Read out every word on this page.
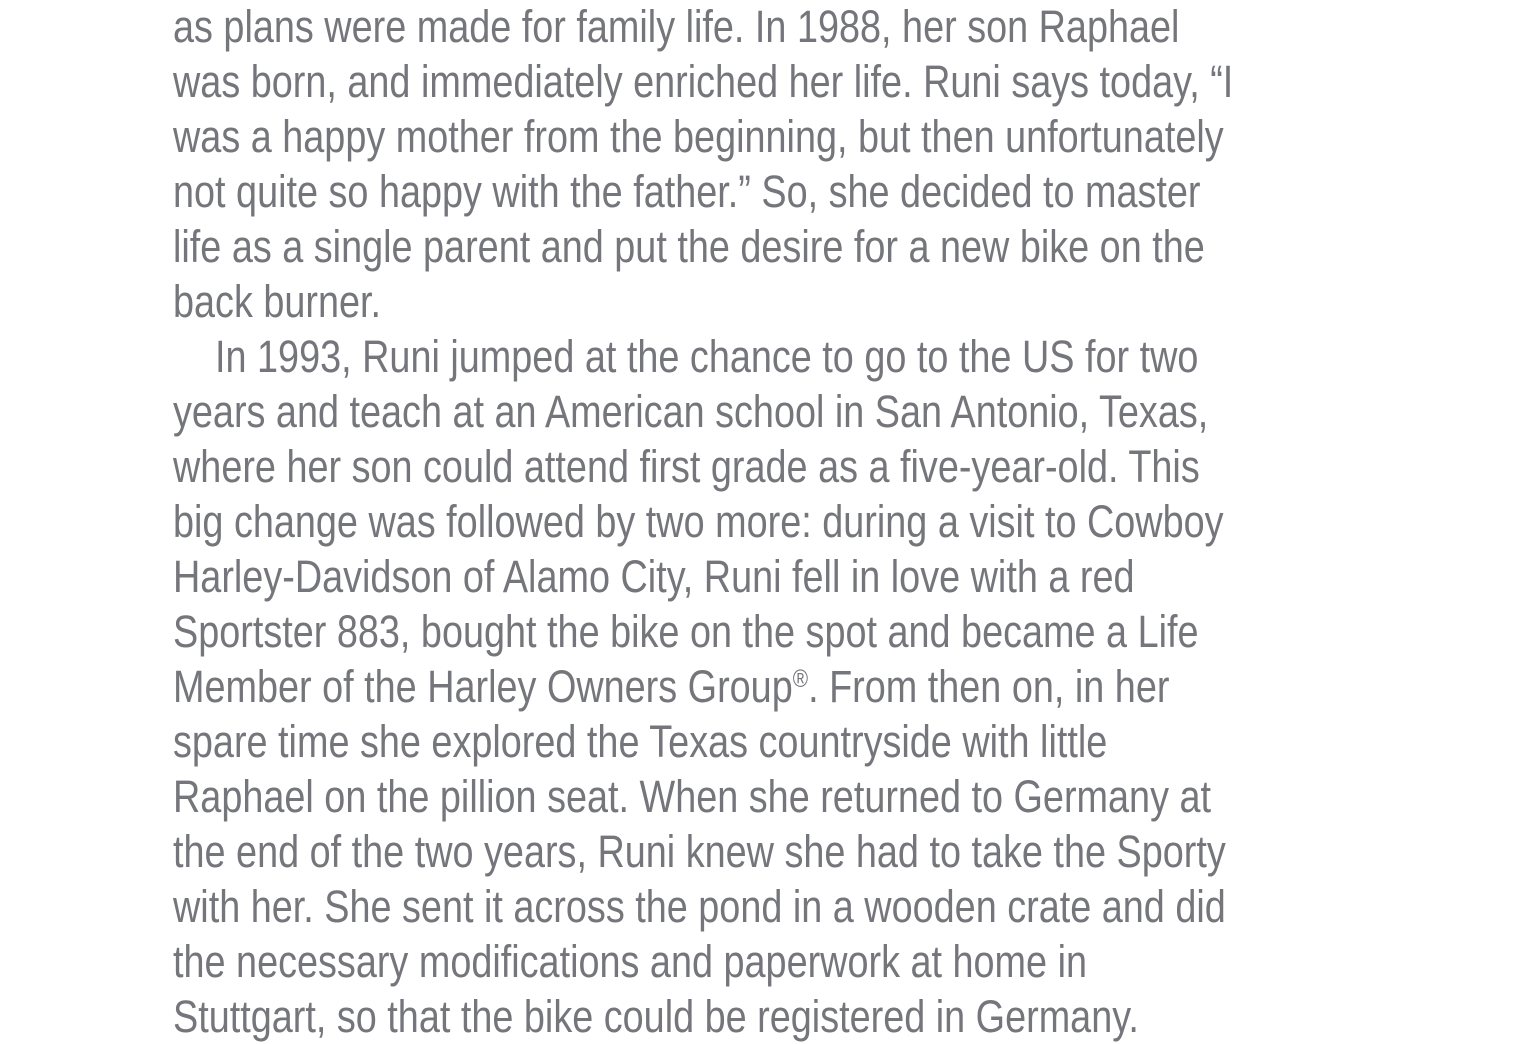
as plans were made for family life. In 1988, her son Raphael
was born, and immediately enriched her life. Runi says today, “I
was a happy mother from the beginning, but then unfortunately
not quite so happy with the father.” So, she decided to master
life as a single parent and put the desire for a new bike on the
back burner.
In 1993, Runi jumped at the chance to go to the US for two
years and teach at an American school in San Antonio, Texas,
where her son could attend first grade as a five-year-old. This
big change was followed by two more: during a visit to Cowboy
Harley-Davidson of Alamo City, Runi fell in love with a red
Sportster 883, bought the bike on the spot and became a Life
Member of the Harley Owners Group®. From then on, in her
spare time she explored the Texas countryside with little
Raphael on the pillion seat. When she returned to Germany at
the end of the two years, Runi knew she had to take the Sporty
with her. She sent it across the pond in a wooden crate and did
the necessary modifications and paperwork at home in
Stuttgart, so that the bike could be registered in Germany.
